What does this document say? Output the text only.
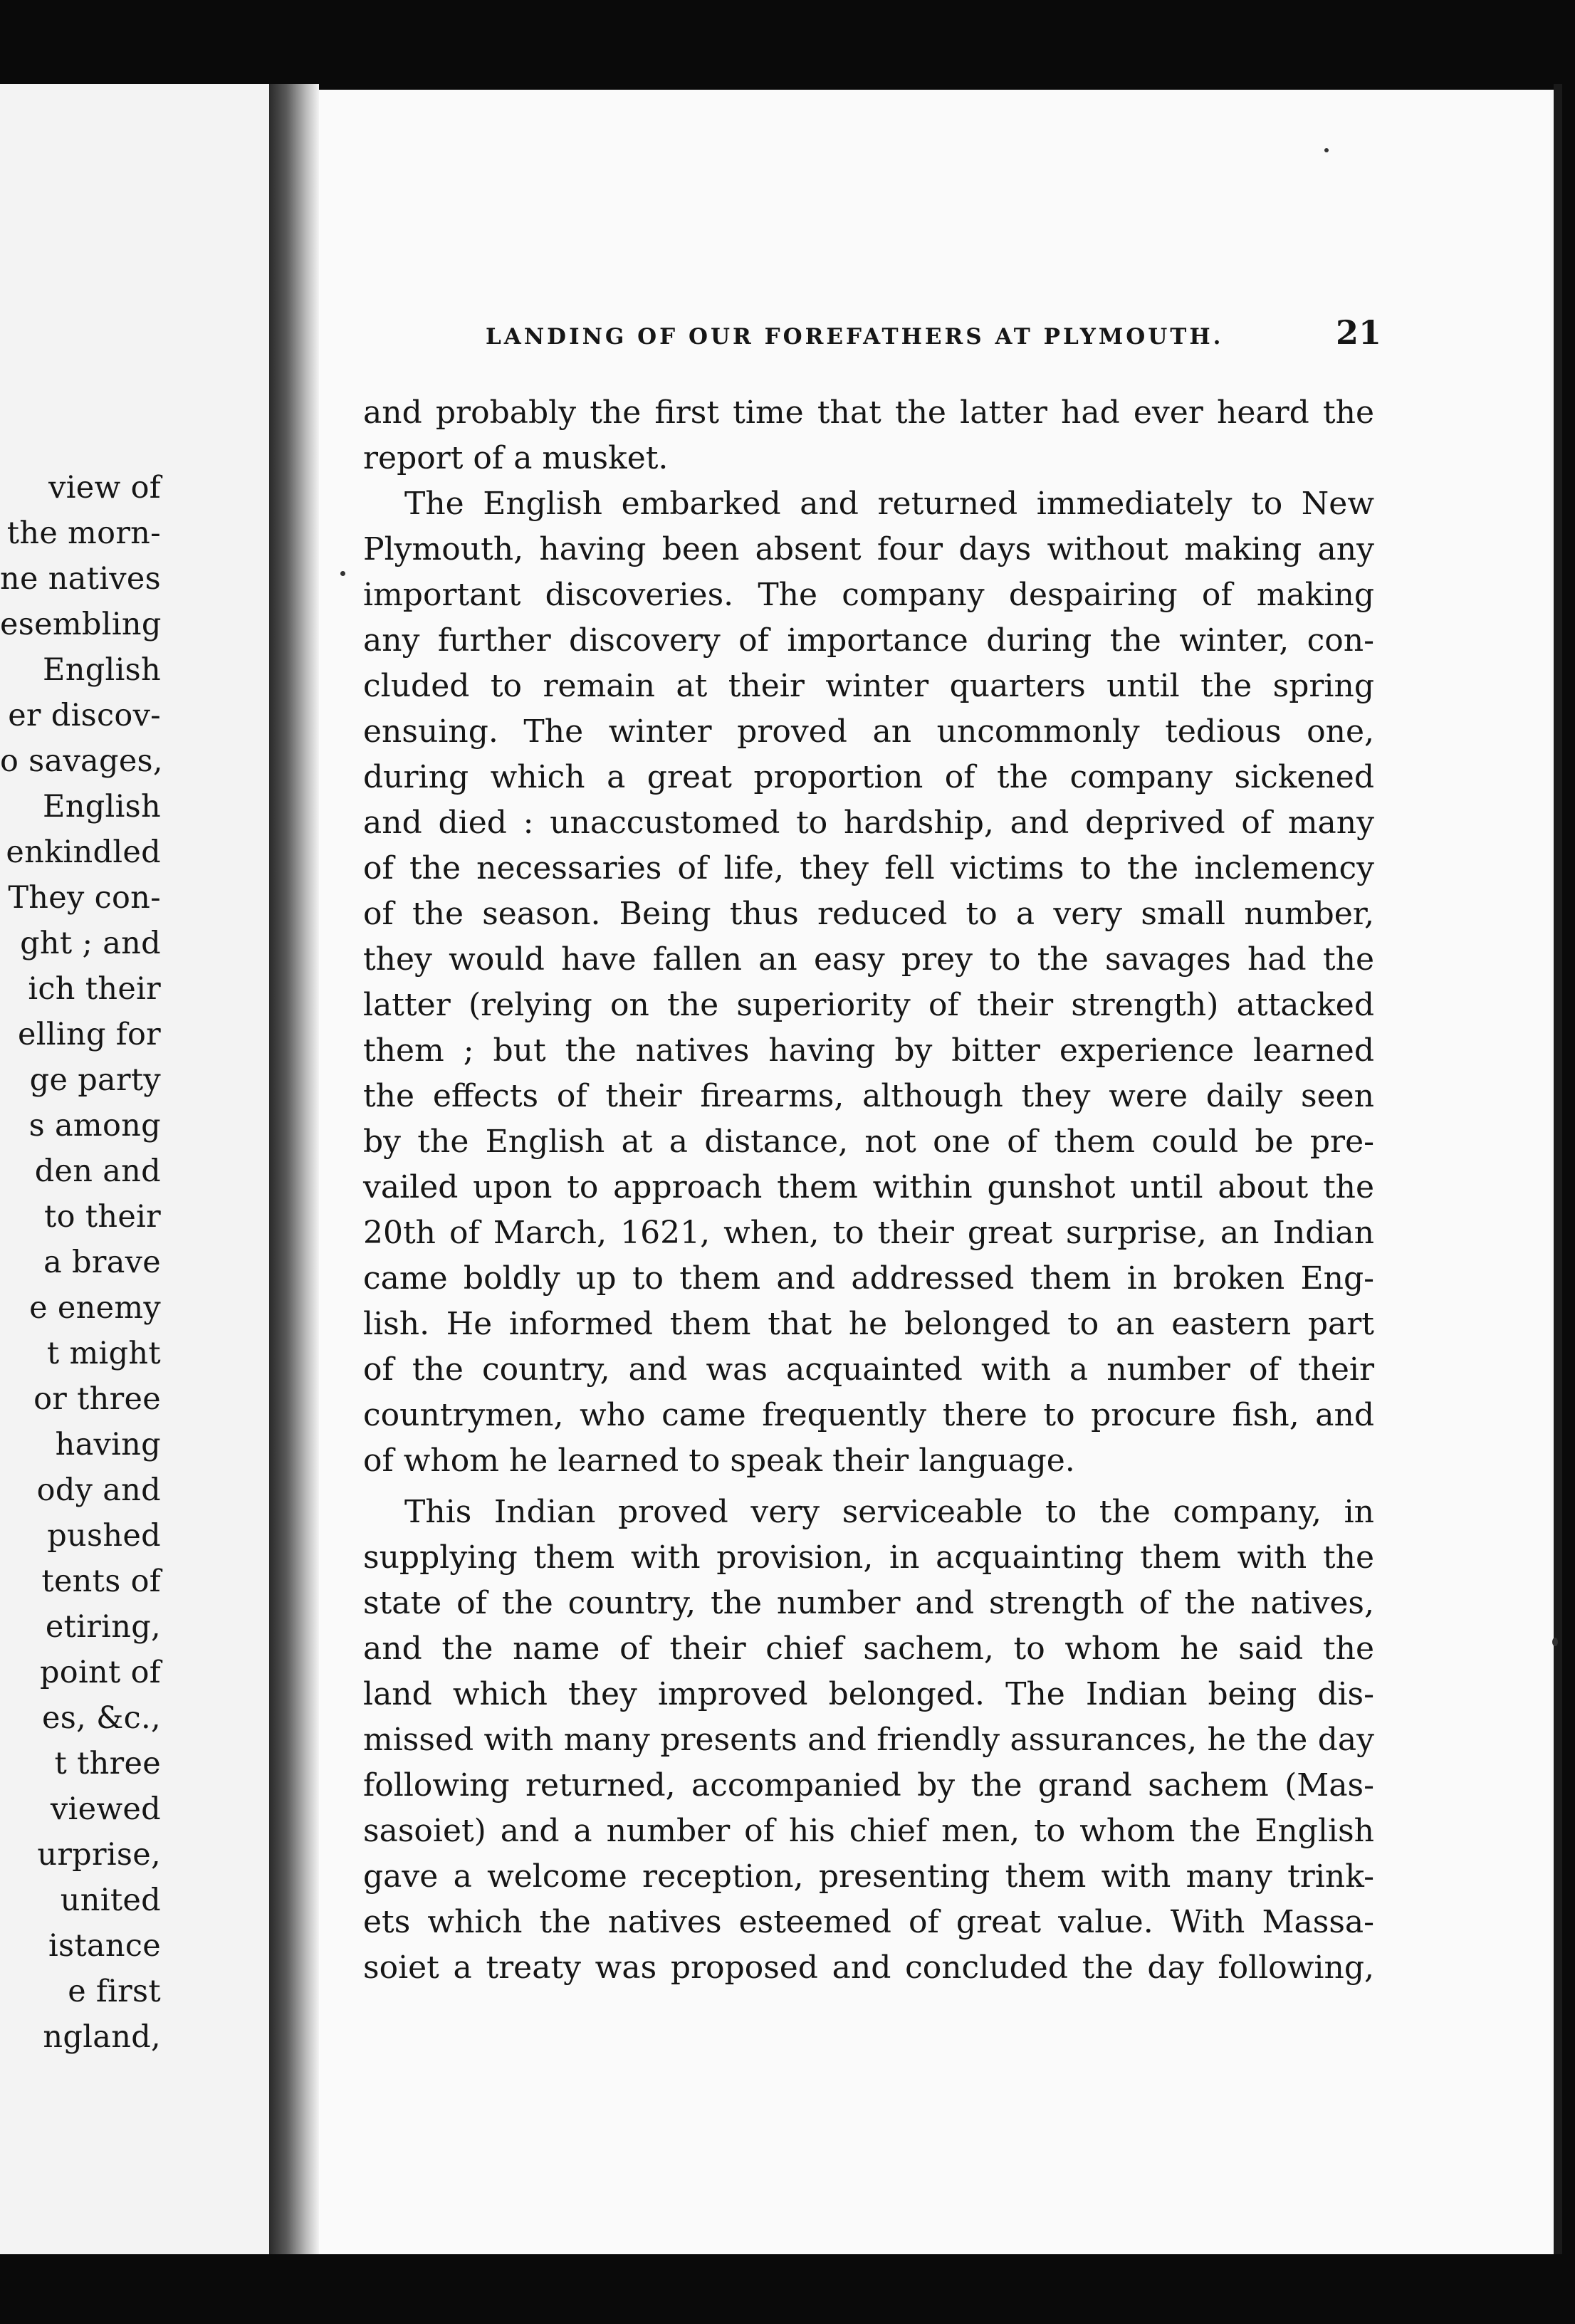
view of
the morn-
ne natives
esembling
English
er discov-
o savages,
English
enkindled
They con-
ght ; and
ich their
elling for
ge party
s among
den and
to their
a brave
e enemy
t might
or three
having
ody and
pushed
tents of
etiring,
point of
es, &c.,
t three
viewed
urprise,
united
istance
e first
ngland,
LANDING OF OUR FOREFATHERS AT PLYMOUTH.	21
and probably the first time that the latter had ever heard the
report of a musket.
The English embarked and returned immediately to New
Plymouth, having been absent four days without making any
important discoveries. The company despairing of making
any further discovery of importance during the winter, con-
cluded to remain at their winter quarters until the spring
ensuing. The winter proved an uncommonly tedious one,
during which a great proportion of the company sickened
and died : unaccustomed to hardship, and deprived of many
of the necessaries of life, they fell victims to the inclemency
of the season. Being thus reduced to a very small number,
they would have fallen an easy prey to the savages had the
latter (relying on the superiority of their strength) attacked
them ; but the natives having by bitter experience learned
the effects of their firearms, although they were daily seen
by the English at a distance, not one of them could be pre-
vailed upon to approach them within gunshot until about the
20th of March, 1621, when, to their great surprise, an Indian
came boldly up to them and addressed them in broken Eng-
lish. He informed them that he belonged to an eastern part
of the country, and was acquainted with a number of their
countrymen, who came frequently there to procure fish, and
of whom he learned to speak their language.
This Indian proved very serviceable to the company, in
supplying them with provision, in acquainting them with the
state of the country, the number and strength of the natives,
and the name of their chief sachem, to whom he said the
land which they improved belonged. The Indian being dis-
missed with many presents and friendly assurances, he the day
following returned, accompanied by the grand sachem (Mas-
sasoiet) and a number of his chief men, to whom the English
gave a welcome reception, presenting them with many trink-
ets which the natives esteemed of great value. With Massa-
soiet a treaty was proposed and concluded the day following,
